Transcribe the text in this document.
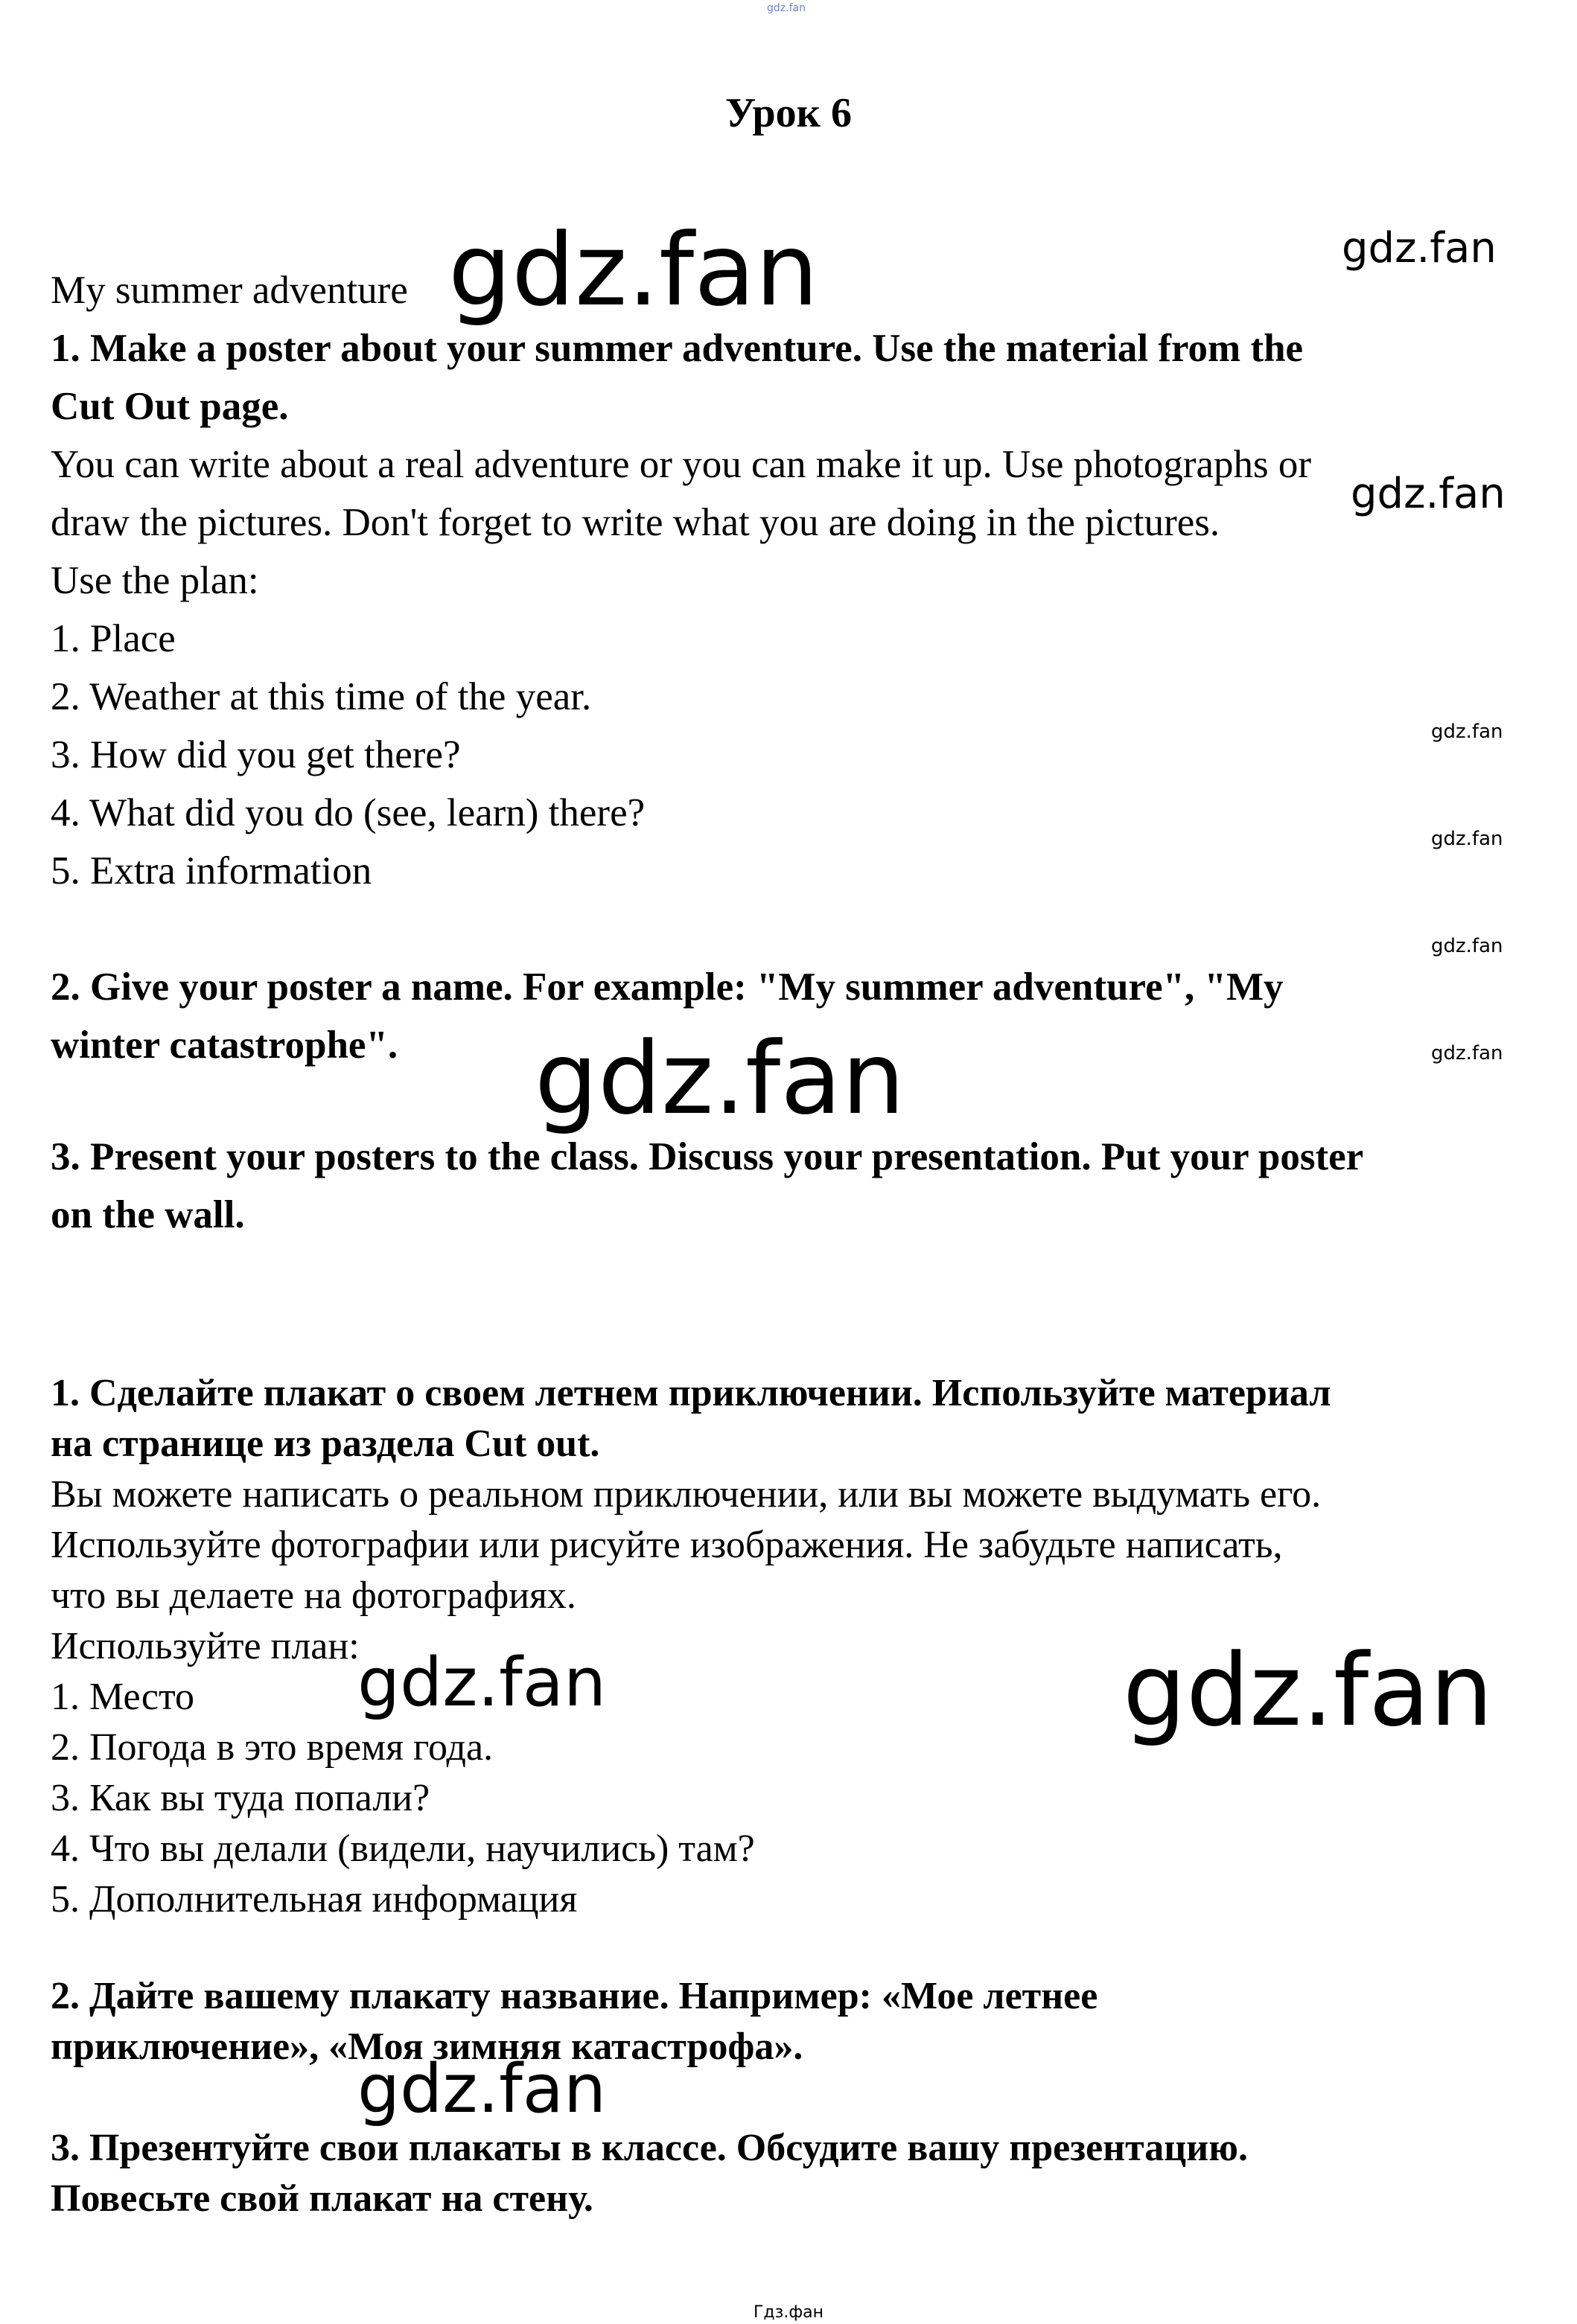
gdz.fan
Урок 6
My summer adventure gdz.fan	gdz.fan
1. Make a poster about your summer adventure. Use the material from the
Cut Out page.
You can write about a real adventure or you can make it up. Use photographs or
gdz.fan
draw the pictures. Don't forget to write what you are doing in the pictures.
Use the plan:
1. Place
2. Weather at this time of the year.
3. How did you get there?
gdz.fan
4. What did you do (see, learn) there?
gdz.fan
5. Extra information
gdz.fan
2. Give your poster a name. For example: "My summer adventure", "My
gdz.fan
winter catastrophe". gdz.fan
3. Present your posters to the class. Discuss your presentation. Put your poster
on the wall.
1. Сделайте плакат о своем летнем приключении. Используйте материал
на странице из раздела Cut out.
Вы можете написать о реальном приключении, или вы можете выдумать его.
Используйте фотографии или рисуйте изображения. Не забудьте написать,
что вы делаете на фотографиях.
Используйте план:
1. Место gdz.fan	gdz.fan
2. Погода в это время года.
3. Как вы туда попали?
4. Что вы делали (видели, научились) там?
5. Дополнительная информация
2. Дайте вашему плакату название. Например: «Мое летнее
приключение», «Моя зимняя катастрофа».
gdz.fan
3. Презентуйте свои плакаты в классе. Обсудите вашу презентацию.
Повесьте свой плакат на стену.
Гдз.фан
